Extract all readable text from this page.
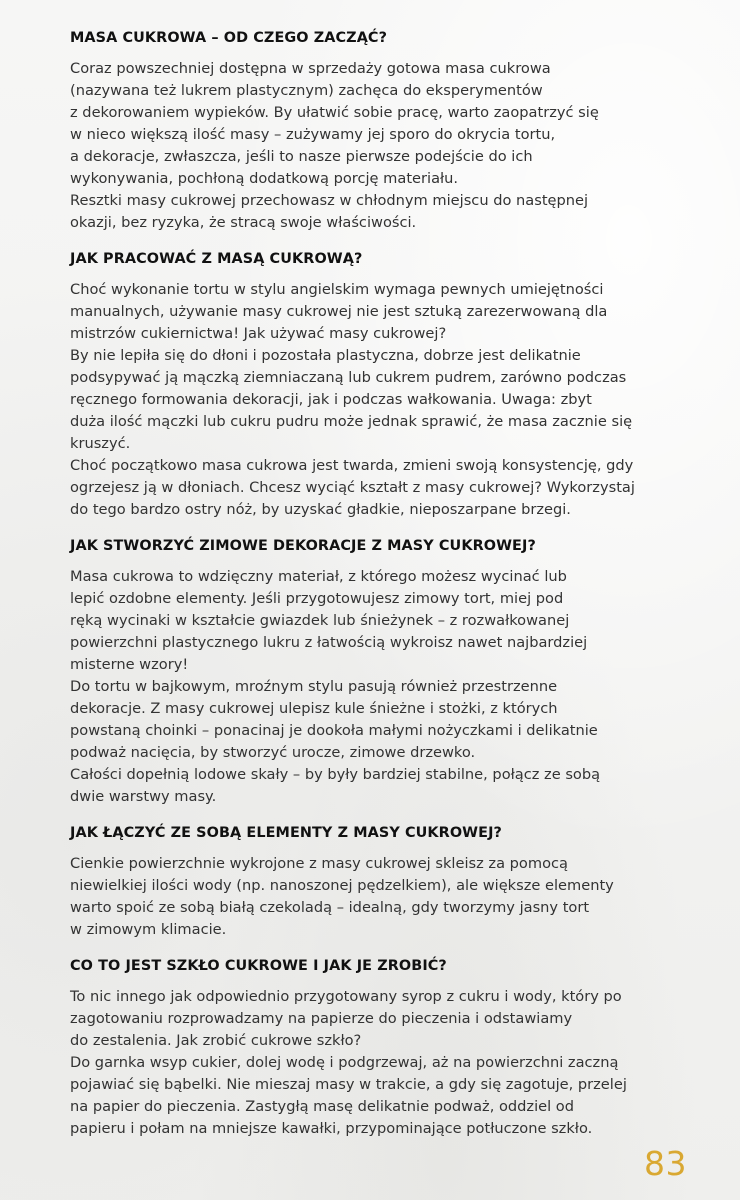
MASA CUKROWA – OD CZEGO ZACZĄĆ?

Coraz powszechniej dostępna w sprzedaży gotowa masa cukrowa
(nazywana też lukrem plastycznym) zachęca do eksperymentów
z dekorowaniem wypieków. By ułatwić sobie pracę, warto zaopatrzyć się
w nieco większą ilość masy – zużywamy jej sporo do okrycia tortu,
a dekoracje, zwłaszcza, jeśli to nasze pierwsze podejście do ich
wykonywania, pochłoną dodatkową porcję materiału.
Resztki masy cukrowej przechowasz w chłodnym miejscu do następnej
okazji, bez ryzyka, że stracą swoje właściwości.

JAK PRACOWAĆ Z MASĄ CUKROWĄ?

Choć wykonanie tortu w stylu angielskim wymaga pewnych umiejętności
manualnych, używanie masy cukrowej nie jest sztuką zarezerwowaną dla
mistrzów cukiernictwa! Jak używać masy cukrowej?
By nie lepiła się do dłoni i pozostała plastyczna, dobrze jest delikatnie
podsypywać ją mączką ziemniaczaną lub cukrem pudrem, zarówno podczas
ręcznego formowania dekoracji, jak i podczas wałkowania. Uwaga: zbyt
duża ilość mączki lub cukru pudru może jednak sprawić, że masa zacznie się
kruszyć.
Choć początkowo masa cukrowa jest twarda, zmieni swoją konsystencję, gdy
ogrzejesz ją w dłoniach. Chcesz wyciąć kształt z masy cukrowej? Wykorzystaj
do tego bardzo ostry nóż, by uzyskać gładkie, nieposzarpane brzegi.

JAK STWORZYĆ ZIMOWE DEKORACJE Z MASY CUKROWEJ?

Masa cukrowa to wdzięczny materiał, z którego możesz wycinać lub
lepić ozdobne elementy. Jeśli przygotowujesz zimowy tort, miej pod
ręką wycinaki w kształcie gwiazdek lub śnieżynek – z rozwałkowanej
powierzchni plastycznego lukru z łatwością wykroisz nawet najbardziej
misterne wzory!
Do tortu w bajkowym, mroźnym stylu pasują również przestrzenne
dekoracje. Z masy cukrowej ulepisz kule śnieżne i stożki, z których
powstaną choinki – ponacinaj je dookoła małymi nożyczkami i delikatnie
podważ nacięcia, by stworzyć urocze, zimowe drzewko.
Całości dopełnią lodowe skały – by były bardziej stabilne, połącz ze sobą
dwie warstwy masy.

JAK ŁĄCZYĆ ZE SOBĄ ELEMENTY Z MASY CUKROWEJ?

Cienkie powierzchnie wykrojone z masy cukrowej skleisz za pomocą
niewielkiej ilości wody (np. nanoszonej pędzelkiem), ale większe elementy
warto spoić ze sobą białą czekoladą – idealną, gdy tworzymy jasny tort
w zimowym klimacie.

CO TO JEST SZKŁO CUKROWE I JAK JE ZROBIĆ?

To nic innego jak odpowiednio przygotowany syrop z cukru i wody, który po
zagotowaniu rozprowadzamy na papierze do pieczenia i odstawiamy
do zestalenia. Jak zrobić cukrowe szkło?
Do garnka wsyp cukier, dolej wodę i podgrzewaj, aż na powierzchni zaczną
pojawiać się bąbelki. Nie mieszaj masy w trakcie, a gdy się zagotuje, przelej
na papier do pieczenia. Zastygłą masę delikatnie podważ, oddziel od
papieru i połam na mniejsze kawałki, przypominające potłuczone szkło.

83
